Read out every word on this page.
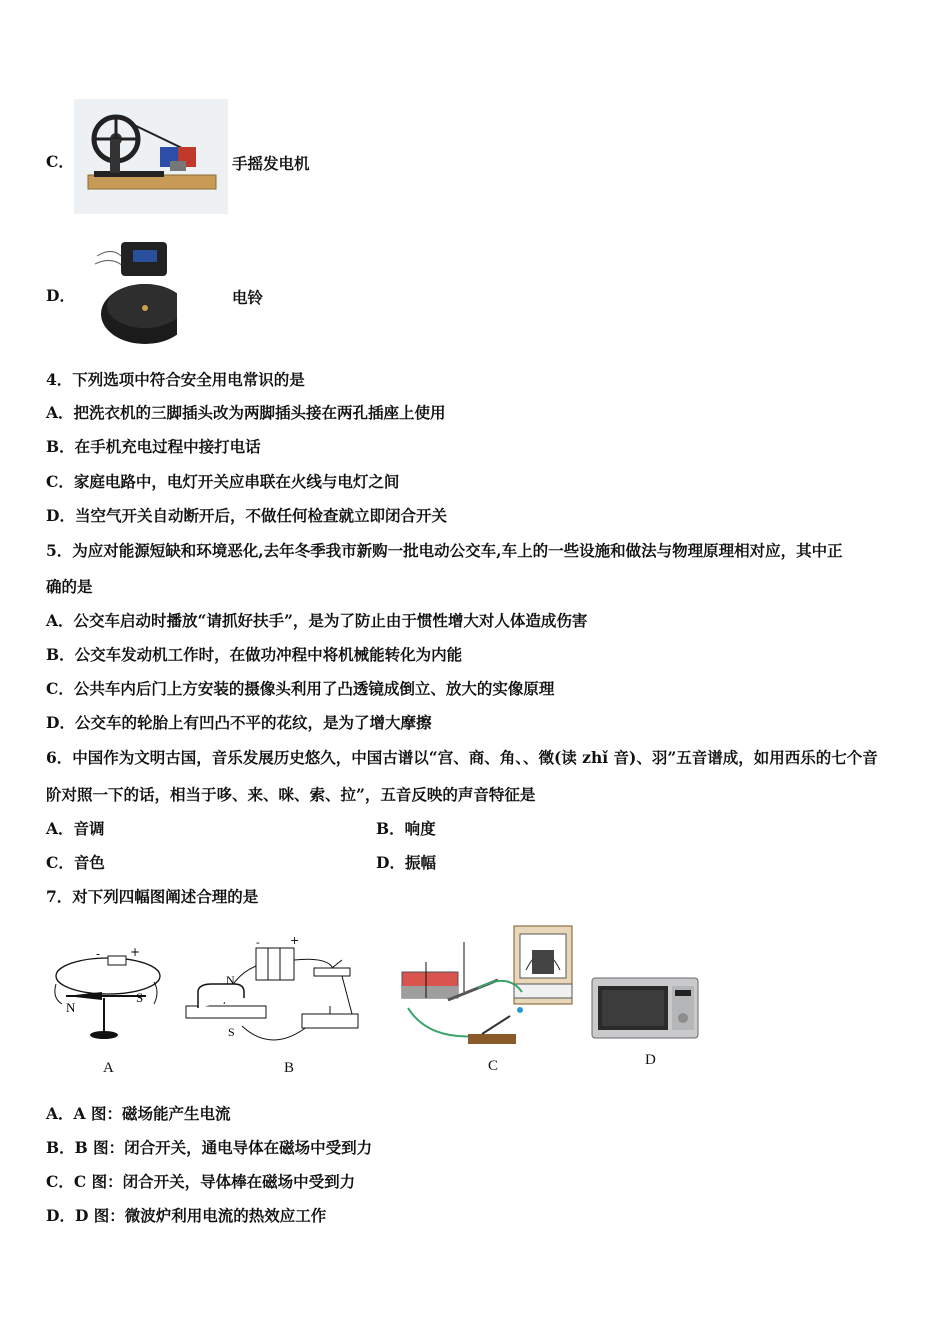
C．	手摇发电机
D．	电铃
4．下列选项中符合安全用电常识的是
A．把洗衣机的三脚插头改为两脚插头接在两孔插座上使用
B．在手机充电过程中接打电话
C．家庭电路中，电灯开关应串联在火线与电灯之间
D．当空气开关自动断开后，不做任何检查就立即闭合开关
5．为应对能源短缺和环境恶化,去年冬季我市新购一批电动公交车,车上的一些设施和做法与物理原理相对应，其中正
确的是
A．公交车启动时播放“请抓好扶手”，是为了防止由于惯性增大对人体造成伤害
B．公交车发动机工作时，在做功冲程中将机械能转化为内能
C．公共车内后门上方安装的摄像头利用了凸透镜成倒立、放大的实像原理
D．公交车的轮胎上有凹凸不平的花纹，是为了增大摩擦
6．中国作为文明古国，音乐发展历史悠久，中国古谱以“宫、商、角、、徵(读 zhǐ 音)、羽”五音谱成，如用西乐的七个音
阶对照一下的话，相当于哆、来、咪、索、拉”，五音反映的声音特征是
A．音调	B．响度
C．音色	D．振幅
7．对下列四幅图阐述合理的是
- +
N
S
A
-	+
N
S
B	C	D
A．A 图：磁场能产生电流
B．B 图：闭合开关，通电导体在磁场中受到力
C．C 图：闭合开关，导体棒在磁场中受到力
D．D 图：微波炉利用电流的热效应工作
